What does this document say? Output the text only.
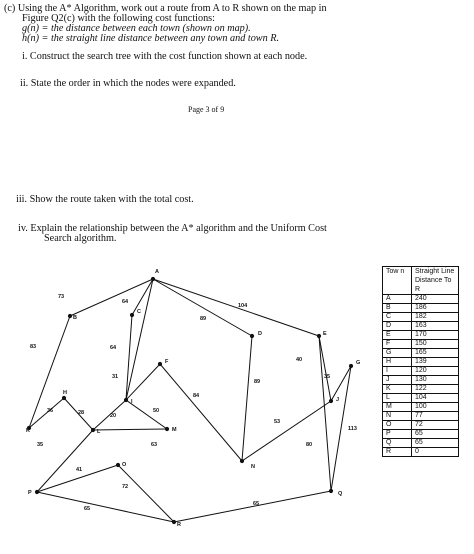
(c) Using the A* Algorithm, work out a route from A to R shown on the map in
Figure Q2(c) with the following cost functions:
g(n) = the distance between each town (shown on map).
h(n) = the straight line distance between any town and town R.
i. Construct the search tree with the cost function shown at each node.
ii. State the order in which the nodes were expanded.
Page 3 of 9
iii. Show the route taken with the total cost.
iv. Explain the relationship between the A* algorithm and the Uniform Cost
Search algorithm.
A
B
C
D	E
F	G
H
I	J
K	L	M
N
O
P	Q
R
73
64
104
89
83	64
31
84
89
40
35
36	28	20
50
63
35
53
80
113
41
72
65
65
Tow n	Straight Line Distance To R
A	240
B	186
C	182
D	163
E	170
F	150
G	165
H	139
I	120
J	130
K	122
L	104
M	100
N	77
O	72
P	65
Q	65
R	0
